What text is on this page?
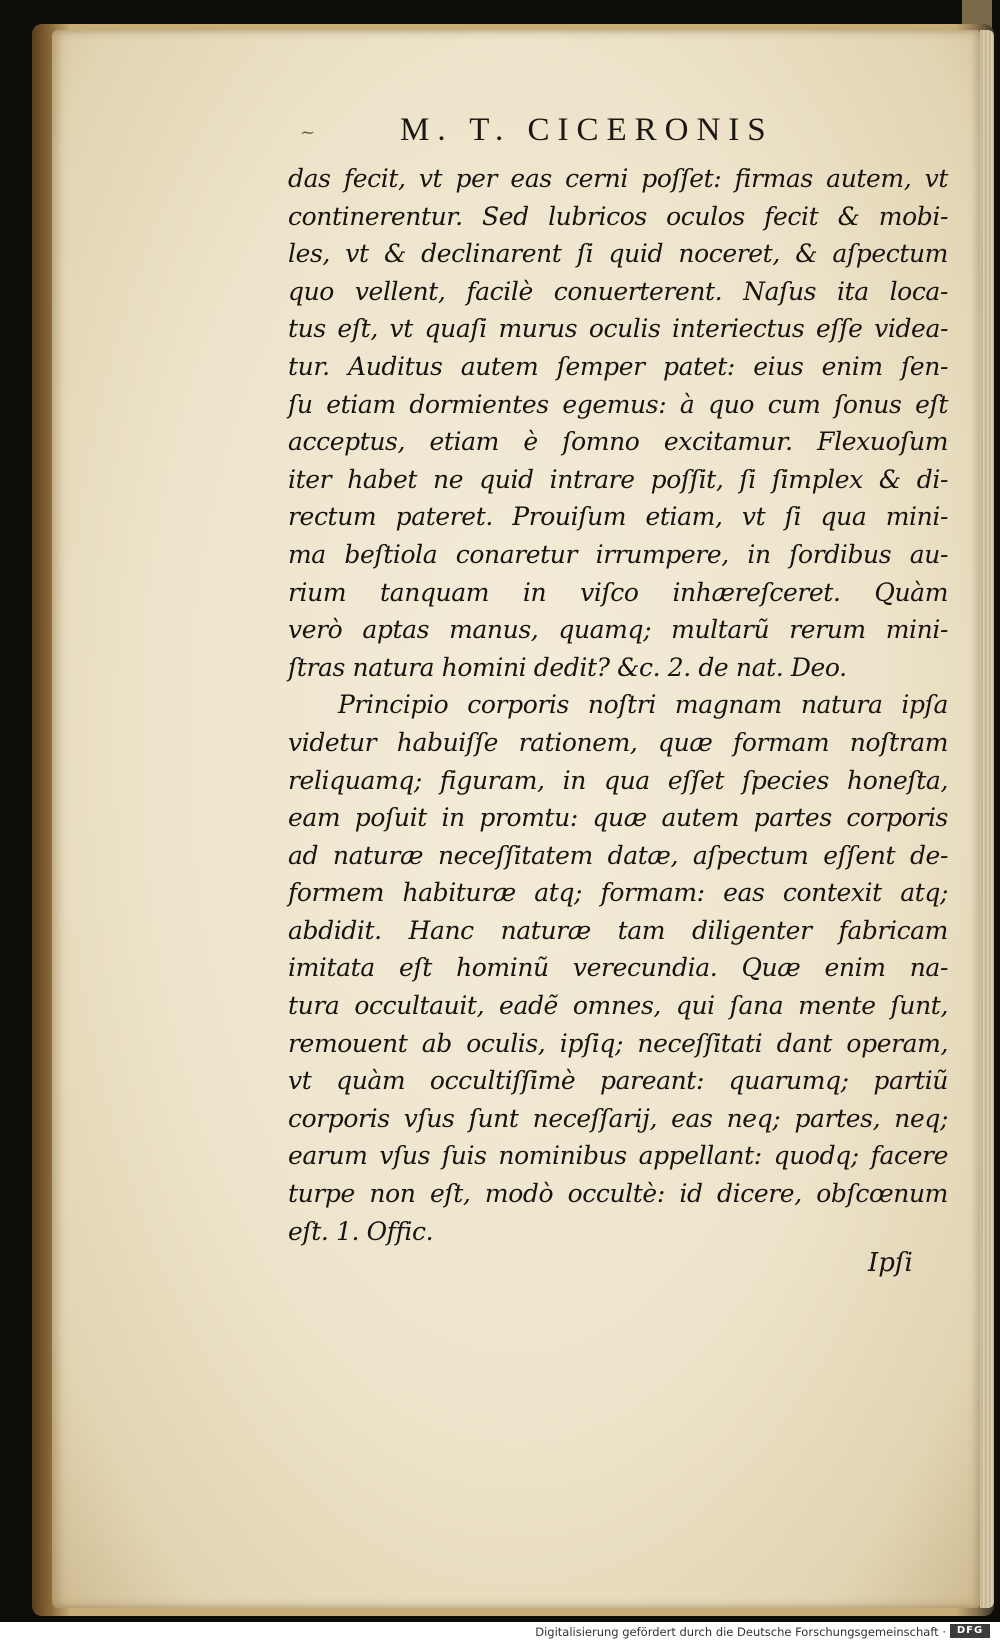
~	M. T. CICERONIS
das fecit, vt per eas cerni poſſet: firmas autem, vt
continerentur. Sed lubricos oculos fecit & mobi-
les, vt & declinarent ſi quid noceret, & aſpectum
quo vellent, facilè conuerterent. Naſus ita loca-
tus eſt, vt quaſi murus oculis interiectus eſſe videa-
tur. Auditus autem ſemper patet: eius enim ſen-
ſu etiam dormientes egemus: à quo cum ſonus eſt
acceptus, etiam è ſomno excitamur. Flexuoſum
iter habet ne quid intrare poſſit, ſi ſimplex & di-
rectum pateret. Prouiſum etiam, vt ſi qua mini-
ma beſtiola conaretur irrumpere, in ſordibus au-
rium tanquam in viſco inhæreſceret. Quàm
verò aptas manus, quamq; multarũ rerum mini-
ſtras natura homini dedit? &c. 2. de nat. Deo.
Principio corporis noſtri magnam natura ipſa
videtur habuiſſe rationem, quæ formam noſtram
reliquamq; figuram, in qua eſſet ſpecies honeſta,
eam poſuit in promtu: quæ autem partes corporis
ad naturæ neceſſitatem datæ, aſpectum eſſent de-
formem habituræ atq; formam: eas contexit atq;
abdidit. Hanc naturæ tam diligenter fabricam
imitata eſt hominũ verecundia. Quæ enim na-
tura occultauit, eadẽ omnes, qui ſana mente ſunt,
remouent ab oculis, ipſiq; neceſſitati dant operam,
vt quàm occultiſſimè pareant: quarumq; partiũ
corporis vſus ſunt neceſſarij, eas neq; partes, neq;
earum vſus ſuis nominibus appellant: quodq; facere
turpe non eſt, modò occultè: id dicere, obſcœnum
eſt. 1. Offic.
Ipſi
Digitalisierung gefördert durch die Deutsche Forschungsgemeinschaft ·	DFG
